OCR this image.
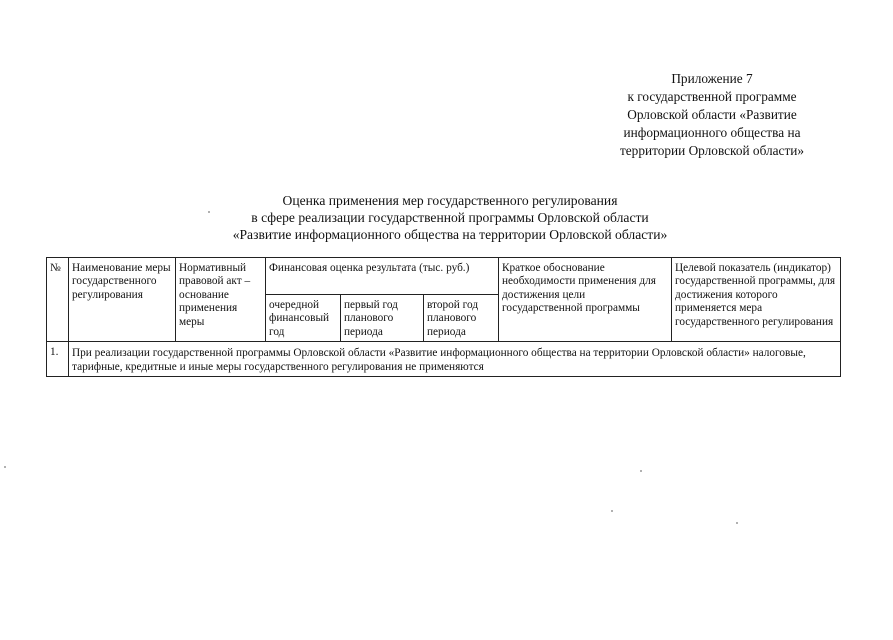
Приложение 7
к государственной программе
Орловской области «Развитие
информационного общества на
территории Орловской области»
Оценка применения мер государственного регулирования
в сфере реализации государственной программы Орловской области
«Развитие информационного общества на территории Орловской области»
№	Наименование меры государственного регулирования	Нормативный правовой акт – основание применения меры	Финансовая оценка результата (тыс. руб.)			Краткое обоснование необходимости применения для достижения цели государственной программы	Целевой показатель (индикатор) государственной программы, для достижения которого применяется мера государственного регулирования
			очередной финансовый год	первый год планового периода	второй год планового периода		
1.	При реализации государственной программы Орловской области «Развитие информационного общества на территории Орловской области» налоговые, тарифные, кредитные и иные меры государственного регулирования не применяются						
